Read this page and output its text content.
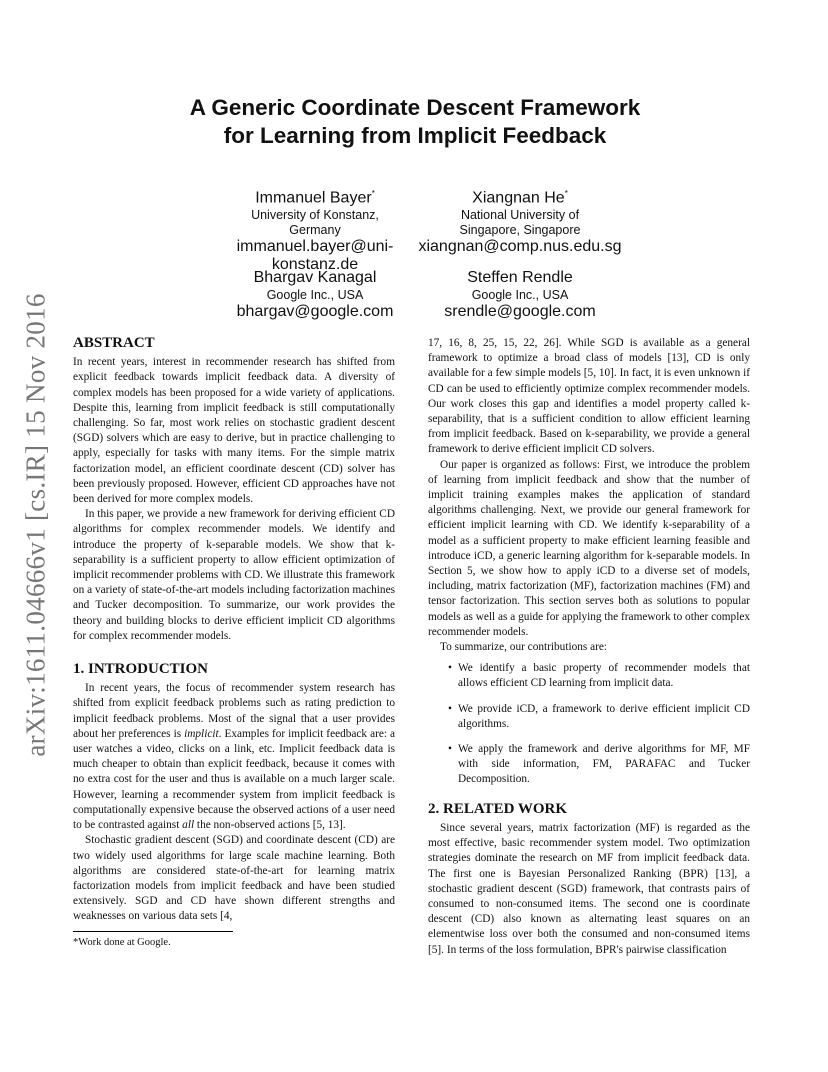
arXiv:1611.04666v1 [cs.IR] 15 Nov 2016
A Generic Coordinate Descent Framework
for Learning from Implicit Feedback
Immanuel Bayer*
University of Konstanz,
Germany
immanuel.bayer@uni-
konstanz.de
Xiangnan He*
National University of
Singapore, Singapore
xiangnan@comp.nus.edu.sg
Bhargav Kanagal
Google Inc., USA
bhargav@google.com
Steffen Rendle
Google Inc., USA
srendle@google.com
ABSTRACT

In recent years, interest in recommender research has shifted from explicit feedback towards implicit feedback data. A diversity of complex models has been proposed for a wide variety of applications. Despite this, learning from implicit feedback is still computationally challenging. So far, most work relies on stochastic gradient descent (SGD) solvers which are easy to derive, but in practice challenging to apply, especially for tasks with many items. For the simple matrix factorization model, an efficient coordinate descent (CD) solver has been previously proposed. However, efficient CD approaches have not been derived for more complex models.

In this paper, we provide a new framework for deriving efficient CD algorithms for complex recommender models. We identify and introduce the property of k-separable models. We show that k-separability is a sufficient property to allow efficient optimization of implicit recommender problems with CD. We illustrate this framework on a variety of state-of-the-art models including factorization machines and Tucker decomposition. To summarize, our work provides the theory and building blocks to derive efficient implicit CD algorithms for complex recommender models.

1. INTRODUCTION

In recent years, the focus of recommender system research has shifted from explicit feedback problems such as rating prediction to implicit feedback problems. Most of the signal that a user provides about her preferences is implicit. Examples for implicit feedback are: a user watches a video, clicks on a link, etc. Implicit feedback data is much cheaper to obtain than explicit feedback, because it comes with no extra cost for the user and thus is available on a much larger scale. However, learning a recommender system from implicit feedback is computationally expensive because the observed actions of a user need to be contrasted against all the non-observed actions [5, 13].

Stochastic gradient descent (SGD) and coordinate descent (CD) are two widely used algorithms for large scale machine learning. Both algorithms are considered state-of-the-art for learning matrix factorization models from implicit feedback and have been studied extensively. SGD and CD have shown different strengths and weaknesses on various data sets [4,

*Work done at Google.

17, 16, 8, 25, 15, 22, 26]. While SGD is available as a general framework to optimize a broad class of models [13], CD is only available for a few simple models [5, 10]. In fact, it is even unknown if CD can be used to efficiently optimize complex recommender models. Our work closes this gap and identifies a model property called k-separability, that is a sufficient condition to allow efficient learning from implicit feedback. Based on k-separability, we provide a general framework to derive efficient implicit CD solvers.

Our paper is organized as follows: First, we introduce the problem of learning from implicit feedback and show that the number of implicit training examples makes the application of standard algorithms challenging. Next, we provide our general framework for efficient implicit learning with CD. We identify k-separability of a model as a sufficient property to make efficient learning feasible and introduce iCD, a generic learning algorithm for k-separable models. In Section 5, we show how to apply iCD to a diverse set of models, including, matrix factorization (MF), factorization machines (FM) and tensor factorization. This section serves both as solutions to popular models as well as a guide for applying the framework to other complex recommender models.

To summarize, our contributions are:

• We identify a basic property of recommender models that allows efficient CD learning from implicit data.
• We provide iCD, a framework to derive efficient implicit CD algorithms.
• We apply the framework and derive algorithms for MF, MF with side information, FM, PARAFAC and Tucker Decomposition.
2. RELATED WORK

Since several years, matrix factorization (MF) is regarded as the most effective, basic recommender system model. Two optimization strategies dominate the research on MF from implicit feedback data. The first one is Bayesian Personalized Ranking (BPR) [13], a stochastic gradient descent (SGD) framework, that contrasts pairs of consumed to non-consumed items. The second one is coordinate descent (CD) also known as alternating least squares on an elementwise loss over both the consumed and non-consumed items [5]. In terms of the loss formulation, BPR's pairwise classification
